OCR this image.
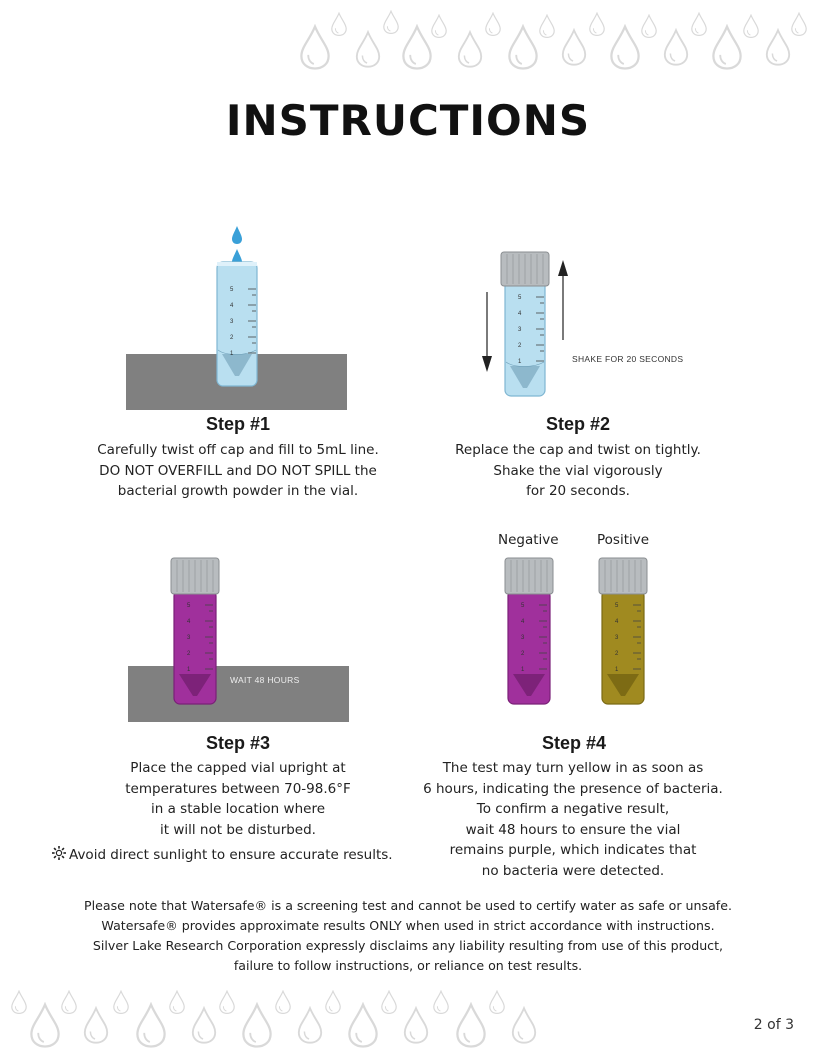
INSTRUCTIONS
5
4
3
2
1
Step #1
Carefully twist off cap and fill to 5mL line.
DO NOT OVERFILL and DO NOT SPILL the
bacterial growth powder in the vial.
5
4
3
2
1	SHAKE FOR 20 SECONDS
Step #2
Replace the cap and twist on tightly.
Shake the vial vigorously
for 20 seconds.
5
4
3
2
1
WAIT 48 HOURS
Step #3
Place the capped vial upright at
temperatures between 70-98.6°F
in a stable location where
it will not be disturbed.
Avoid direct sunlight to ensure accurate results.
Negative	Positive
5
4
3
2
1
5
4
3
2
1
Step #4
The test may turn yellow in as soon as
6 hours, indicating the presence of bacteria.
To confirm a negative result,
wait 48 hours to ensure the vial
remains purple, which indicates that
no bacteria were detected.
Please note that Watersafe® is a screening test and cannot be used to certify water as safe or unsafe.
Watersafe® provides approximate results ONLY when used in strict accordance with instructions.
Silver Lake Research Corporation expressly disclaims any liability resulting from use of this product,
failure to follow instructions, or reliance on test results.
2 of 3
